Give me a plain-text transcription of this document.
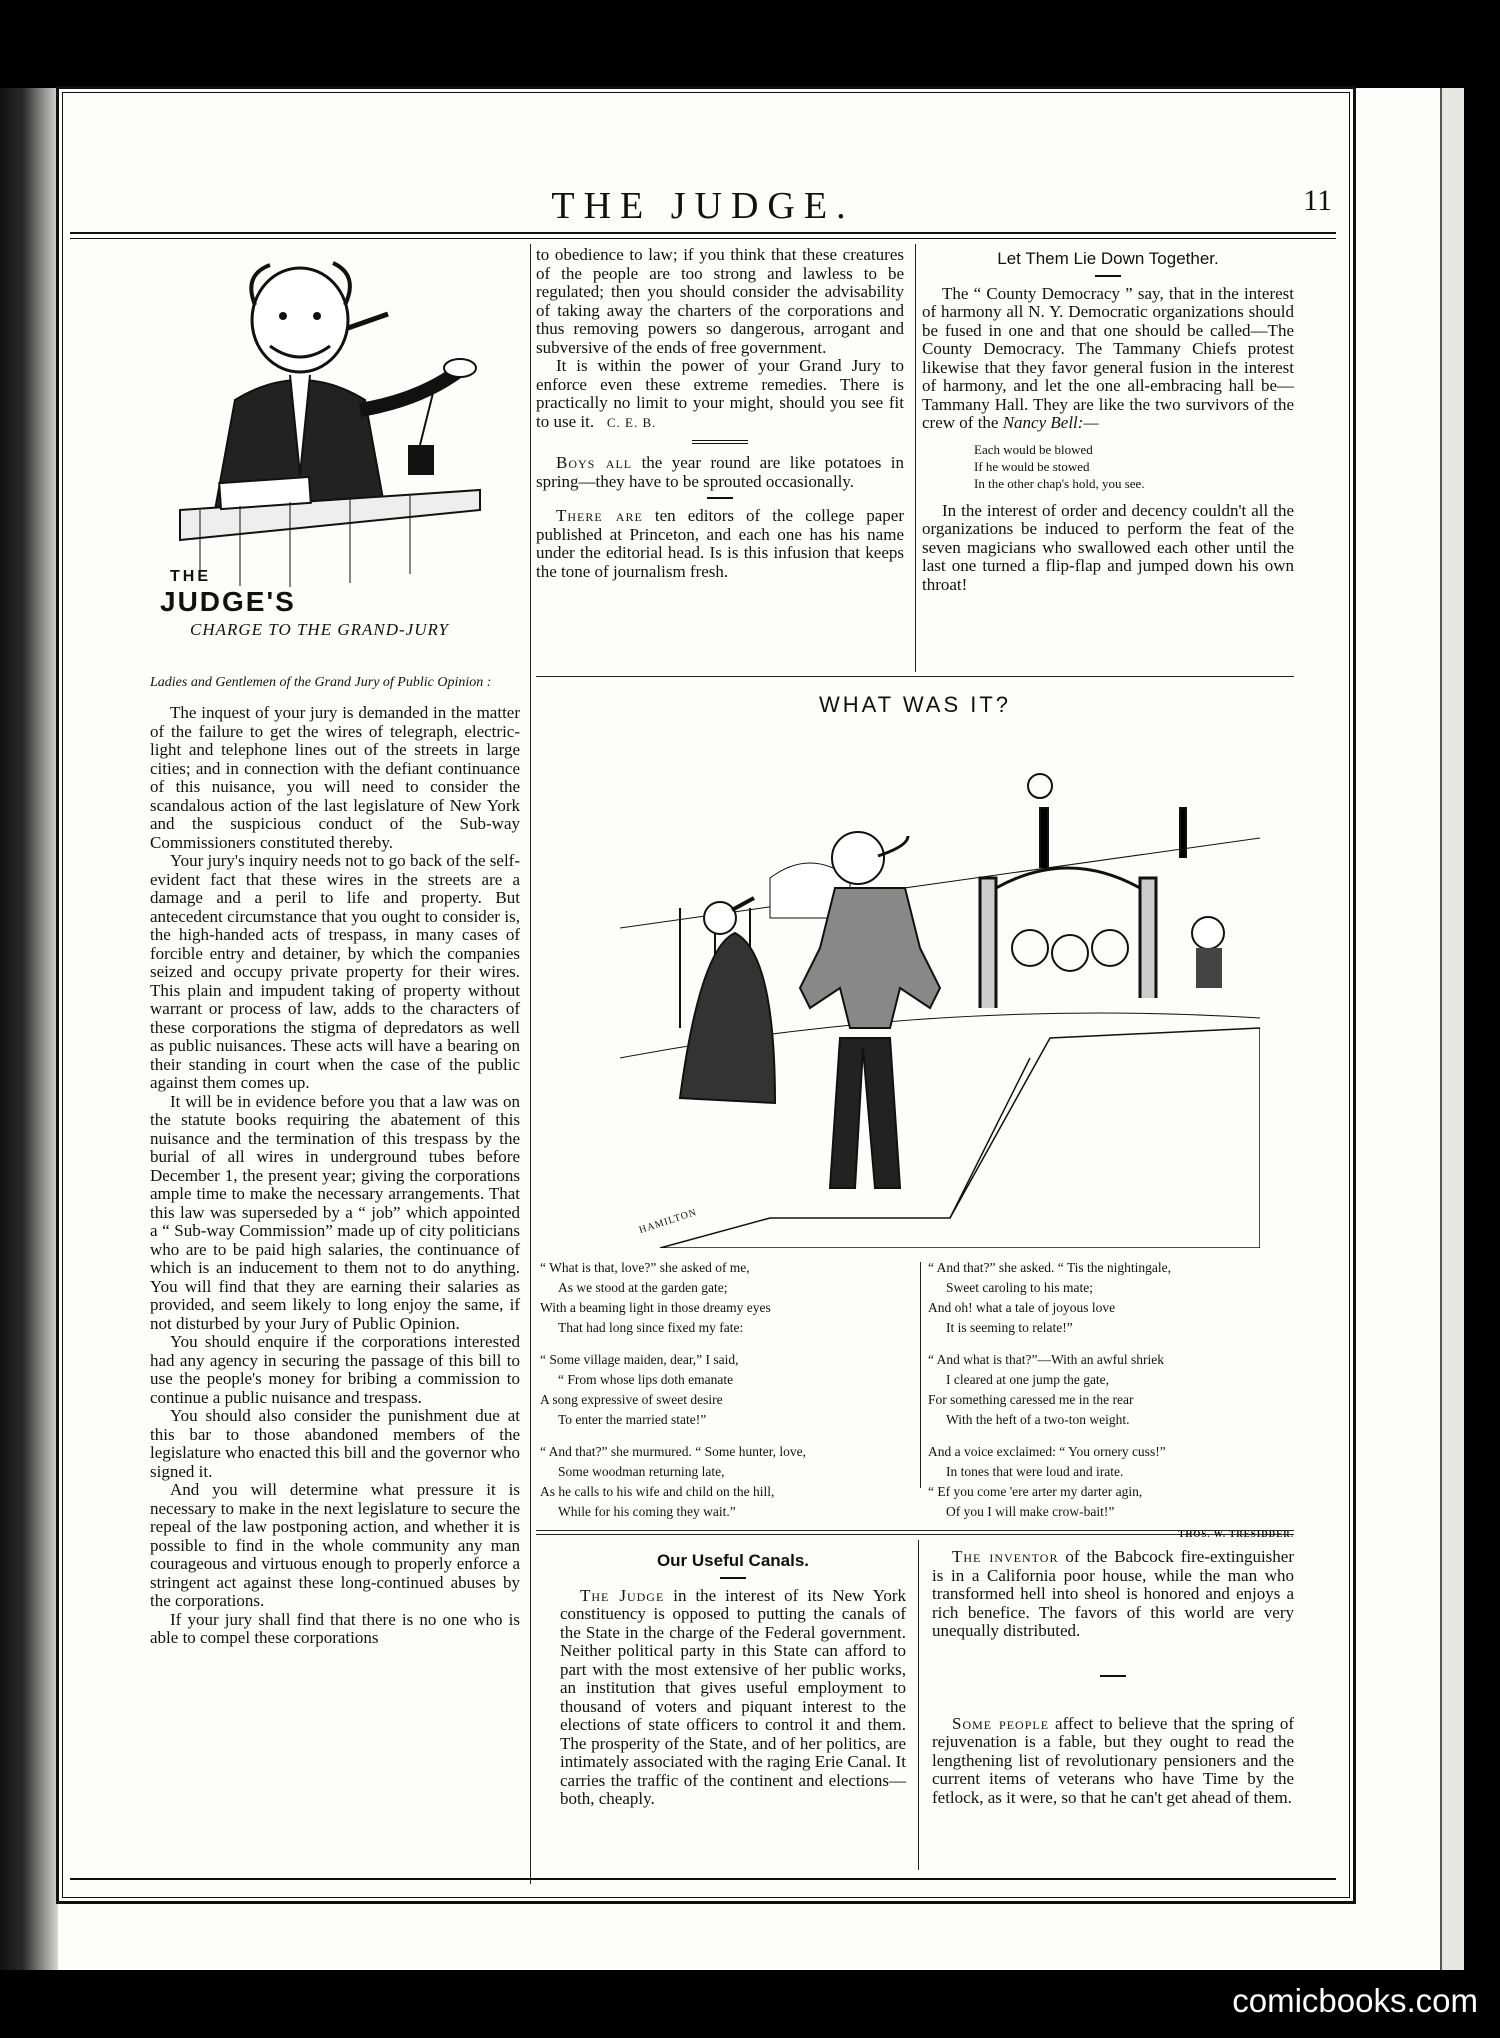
THE JUDGE.	11
THE
JUDGE'S
CHARGE TO THE GRAND-JURY
Ladies and Gentlemen of the Grand Jury of Public Opinion :

The inquest of your jury is demanded in the matter of the failure to get the wires of telegraph, electric-light and telephone lines out of the streets in large cities; and in connection with the defiant continuance of this nuisance, you will need to consider the scandalous action of the last legislature of New York and the suspicious conduct of the Sub-way Commissioners constituted thereby.

Your jury's inquiry needs not to go back of the self-evident fact that these wires in the streets are a damage and a peril to life and property. But antecedent circumstance that you ought to consider is, the high-handed acts of trespass, in many cases of forcible entry and detainer, by which the companies seized and occupy private property for their wires. This plain and impudent taking of property without warrant or process of law, adds to the characters of these corporations the stigma of depredators as well as public nuisances. These acts will have a bearing on their standing in court when the case of the public against them comes up.

It will be in evidence before you that a law was on the statute books requiring the abatement of this nuisance and the termination of this trespass by the burial of all wires in underground tubes before December 1, the present year; giving the corporations ample time to make the necessary arrangements. That this law was superseded by a “ job” which appointed a “ Sub-way Commission” made up of city politicians who are to be paid high salaries, the continuance of which is an inducement to them not to do anything. You will find that they are earning their salaries as provided, and seem likely to long enjoy the same, if not disturbed by your Jury of Public Opinion.

You should enquire if the corporations interested had any agency in securing the passage of this bill to use the people's money for bribing a commission to continue a public nuisance and trespass.

You should also consider the punishment due at this bar to those abandoned members of the legislature who enacted this bill and the governor who signed it.

And you will determine what pressure it is necessary to make in the next legislature to secure the repeal of the law postponing action, and whether it is possible to find in the whole community any man courageous and virtuous enough to properly enforce a stringent act against these long-continued abuses by the corporations.

If your jury shall find that there is no one who is able to compel these corporations

to obedience to law; if you think that these creatures of the people are too strong and lawless to be regulated; then you should consider the advisability of taking away the charters of the corporations and thus removing powers so dangerous, arrogant and subversive of the ends of free government.

It is within the power of your Grand Jury to enforce even these extreme remedies. There is practically no limit to your might, should you see fit to use it. C. E. B.

Boys all the year round are like potatoes in spring—they have to be sprouted occasionally.

There are ten editors of the college paper published at Princeton, and each one has his name under the editorial head. Is is this infusion that keeps the tone of journalism fresh.

Let Them Lie Down Together.

The “ County Democracy ” say, that in the interest of harmony all N. Y. Democratic organizations should be fused in one and that one should be called—The County Democracy. The Tammany Chiefs protest likewise that they favor general fusion in the interest of harmony, and let the one all-embracing hall be—Tammany Hall. They are like the two survivors of the crew of the Nancy Bell:—

Each would be blowed
If he would be stowed
In the other chap's hold, you see.

In the interest of order and decency couldn't all the organizations be induced to perform the feat of the seven magicians who swallowed each other until the last one turned a flip-flap and jumped down his own throat!

WHAT WAS IT?
HAMILTON
“ What is that, love?” she asked of me,
As we stood at the garden gate;
With a beaming light in those dreamy eyes
That had long since fixed my fate:
“ Some village maiden, dear,” I said,
“ From whose lips doth emanate
A song expressive of sweet desire
To enter the married state!”
“ And that?” she murmured. “ Some hunter, love,
Some woodman returning late,
As he calls to his wife and child on the hill,
While for his coming they wait.”
“ And that?” she asked. “ Tis the nightingale,
Sweet caroling to his mate;
And oh! what a tale of joyous love
It is seeming to relate!”
“ And what is that?”—With an awful shriek
I cleared at one jump the gate,
For something caressed me in the rear
With the heft of a two-ton weight.
And a voice exclaimed: “ You ornery cuss!”
In tones that were loud and irate.
“ Ef you come 'ere arter my darter agin,
Of you I will make crow-bait!”
THOS. W. TRESIDDER.
Our Useful Canals.

The Judge in the interest of its New York constituency is opposed to putting the canals of the State in the charge of the Federal government. Neither political party in this State can afford to part with the most extensive of her public works, an institution that gives useful employment to thousand of voters and piquant interest to the elections of state officers to control it and them. The prosperity of the State, and of her politics, are intimately associated with the raging Erie Canal. It carries the traffic of the continent and elections—both, cheaply.

The inventor of the Babcock fire-extinguisher is in a California poor house, while the man who transformed hell into sheol is honored and enjoys a rich benefice. The favors of this world are very unequally distributed.

Some people affect to believe that the spring of rejuvenation is a fable, but they ought to read the lengthening list of revolutionary pensioners and the current items of veterans who have Time by the fetlock, as it were, so that he can't get ahead of them.

comicbooks.com
